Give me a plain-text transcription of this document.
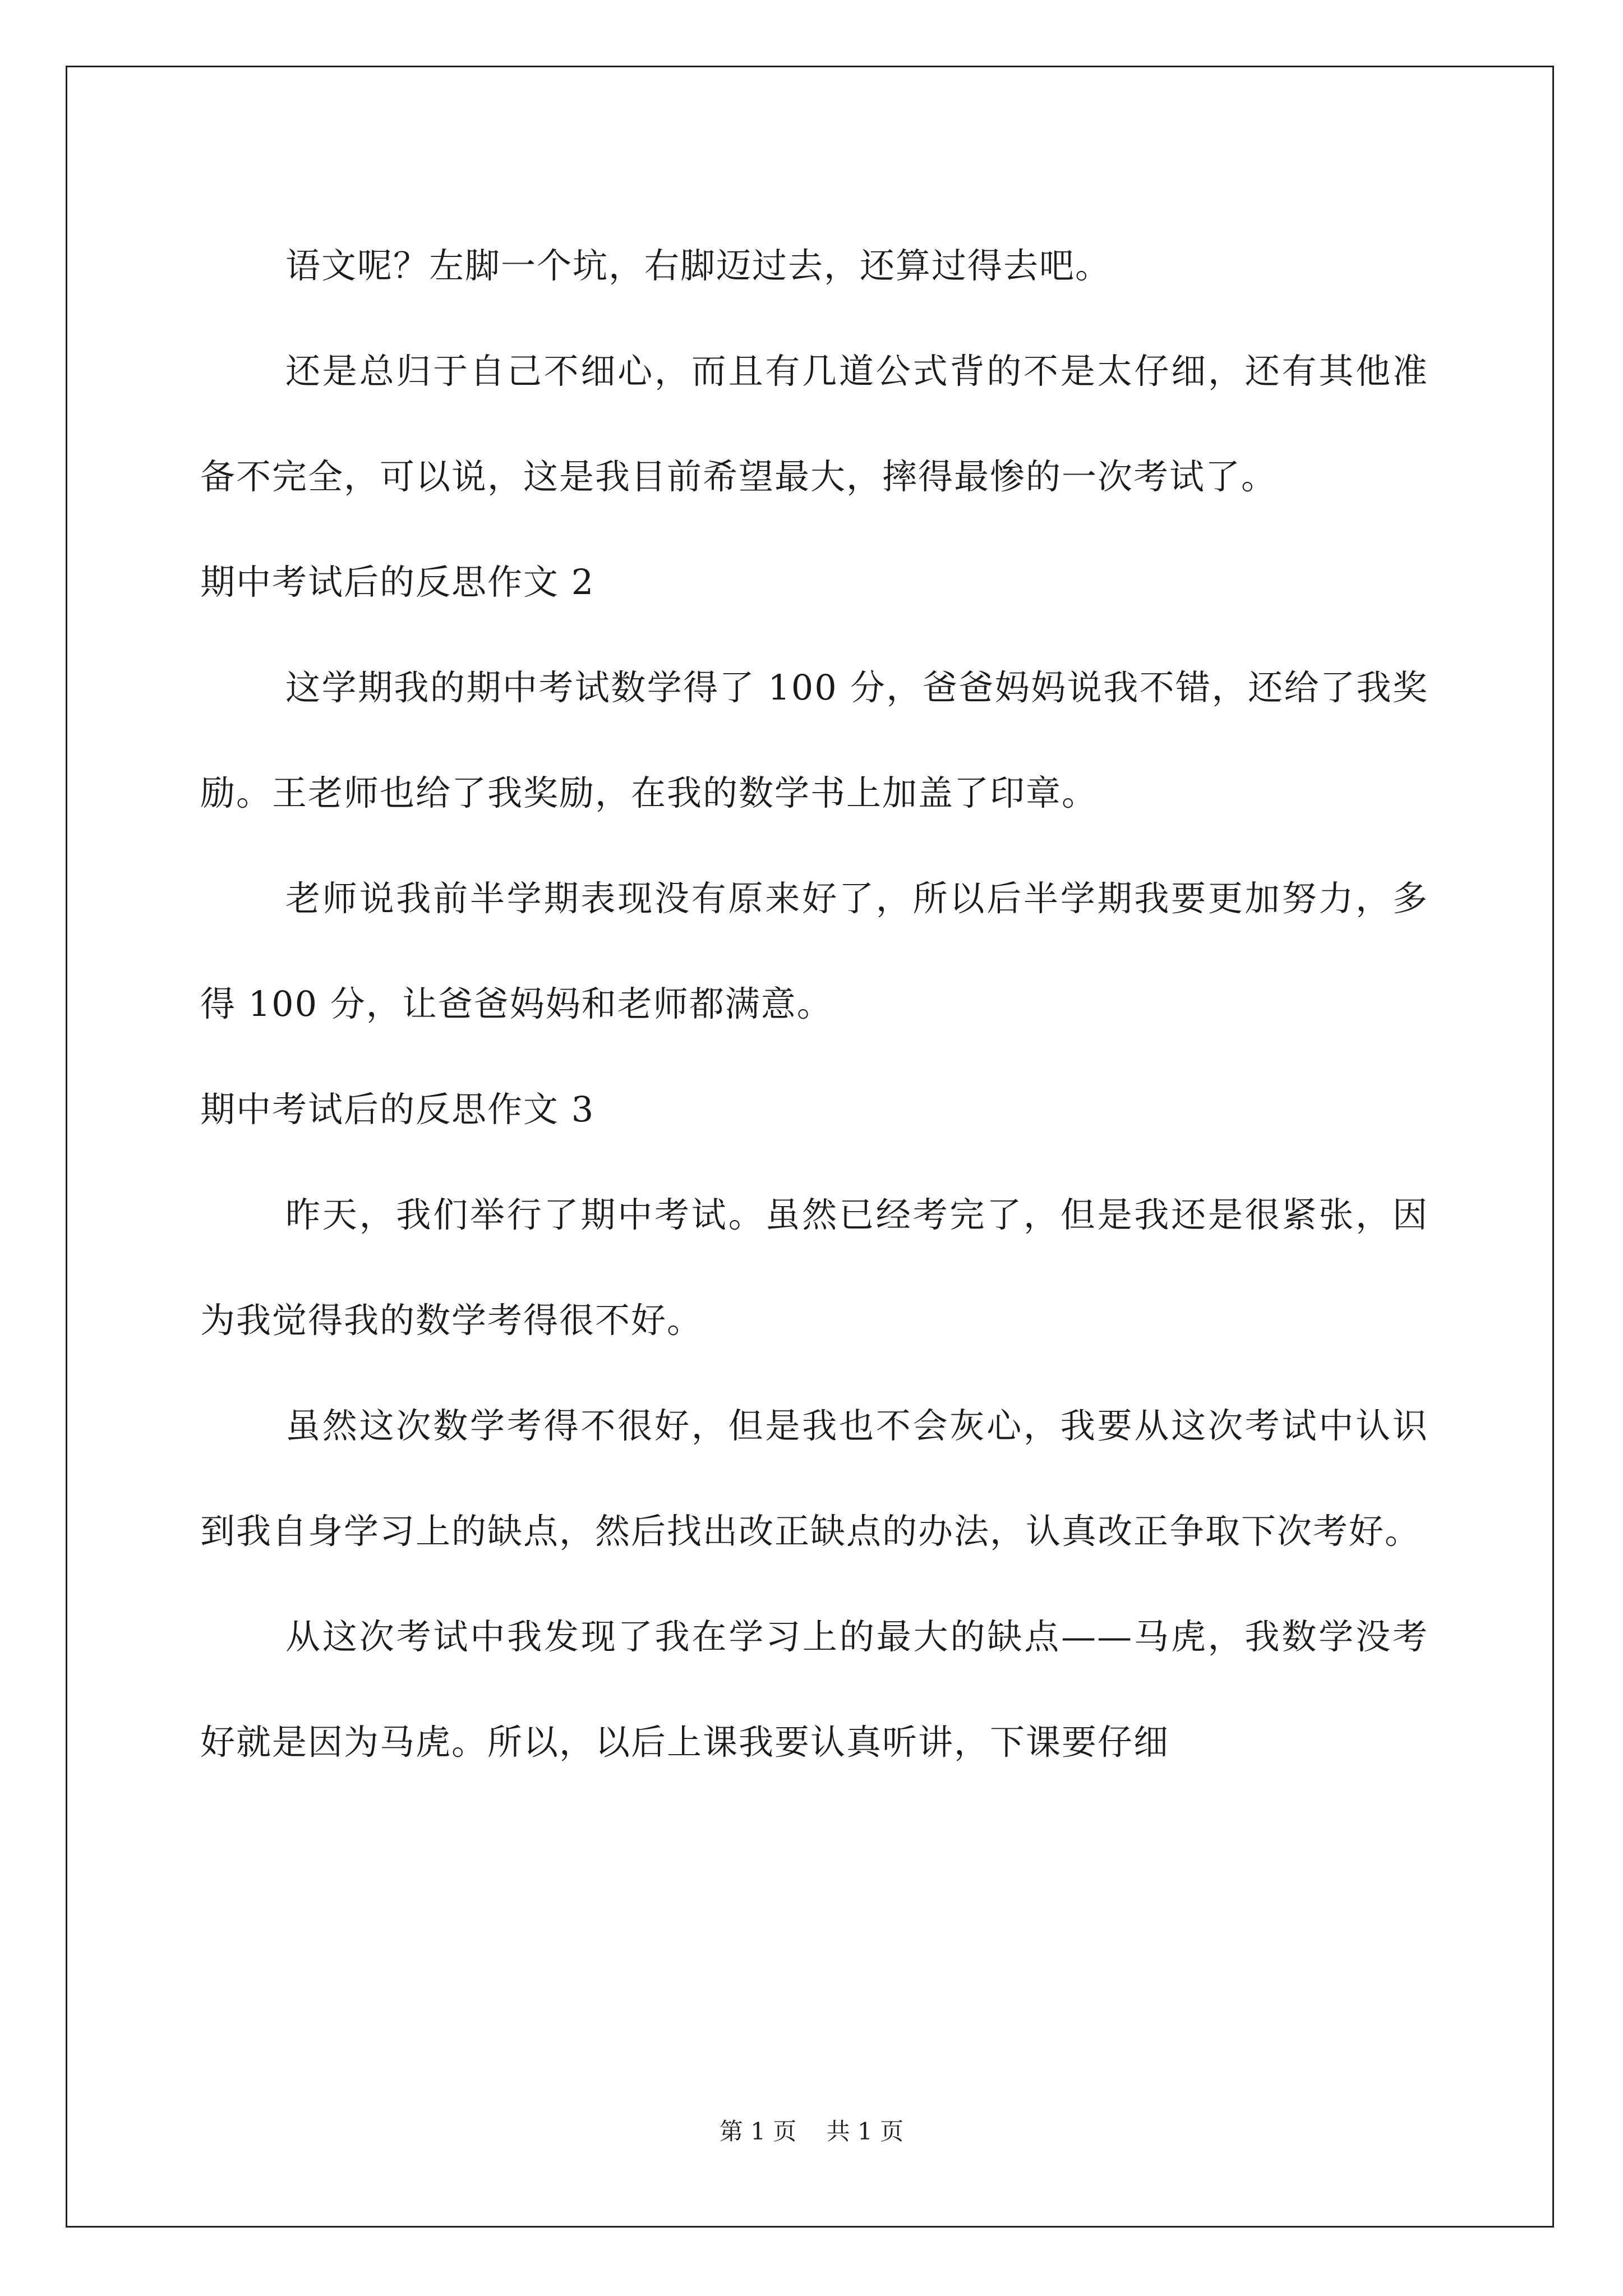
语文呢？左脚一个坑，右脚迈过去，还算过得去吧。

还是总归于自己不细心，而且有几道公式背的不是太仔细，还有其他准备不完全，可以说，这是我目前希望最大，摔得最惨的一次考试了。

期中考试后的反思作文 2

这学期我的期中考试数学得了 100 分，爸爸妈妈说我不错，还给了我奖励。王老师也给了我奖励，在我的数学书上加盖了印章。

老师说我前半学期表现没有原来好了，所以后半学期我要更加努力，多得 100 分，让爸爸妈妈和老师都满意。

期中考试后的反思作文 3

昨天，我们举行了期中考试。虽然已经考完了，但是我还是很紧张，因为我觉得我的数学考得很不好。

虽然这次数学考得不很好，但是我也不会灰心，我要从这次考试中认识到我自身学习上的缺点，然后找出改正缺点的办法，认真改正争取下次考好。

从这次考试中我发现了我在学习上的最大的缺点——马虎，我数学没考好就是因为马虎。所以，以后上课我要认真听讲，下课要仔细

第 1 页 共 1 页
